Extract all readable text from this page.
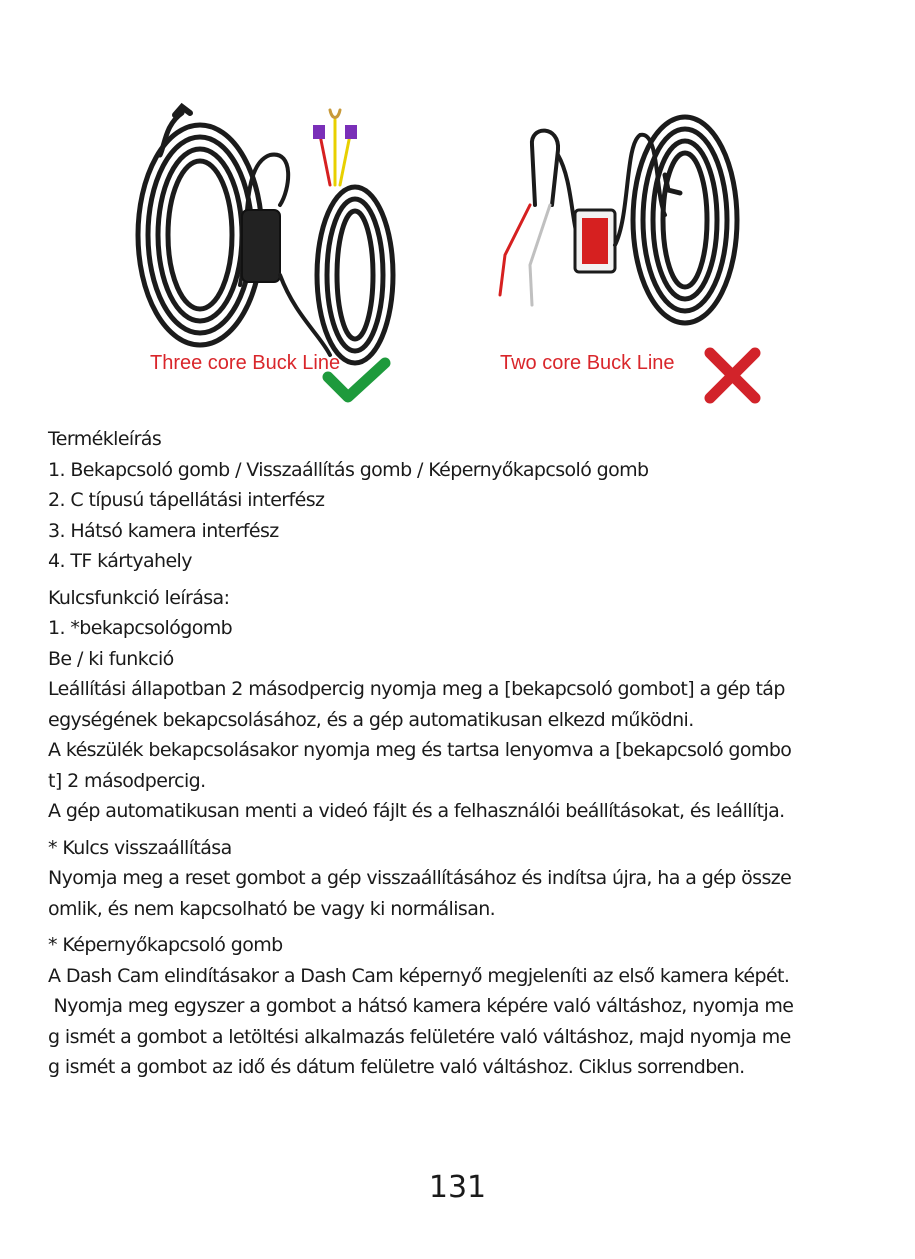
Three core Buck Line	Two core Buck Line

Termékleírás

1. Bekapcsoló gomb / Visszaállítás gomb / Képernyőkapcsoló gomb

2. C típusú tápellátási interfész

3. Hátsó kamera interfész

4. TF kártyahely

Kulcsfunkció leírása:

1. *bekapcsológomb

Be / ki funkció

Leállítási állapotban 2 másodpercig nyomja meg a [bekapcsoló gombot] a gép táp

egységének bekapcsolásához, és a gép automatikusan elkezd működni.

A készülék bekapcsolásakor nyomja meg és tartsa lenyomva a [bekapcsoló gombo

t] 2 másodpercig.

A gép automatikusan menti a videó fájlt és a felhasználói beállításokat, és leállítja.

* Kulcs visszaállítása

Nyomja meg a reset gombot a gép visszaállításához és indítsa újra, ha a gép össze

omlik, és nem kapcsolható be vagy ki normálisan.

* Képernyőkapcsoló gomb

A Dash Cam elindításakor a Dash Cam képernyő megjeleníti az első kamera képét.

Nyomja meg egyszer a gombot a hátsó kamera képére való váltáshoz, nyomja me

g ismét a gombot a letöltési alkalmazás felületére való váltáshoz, majd nyomja me

g ismét a gombot az idő és dátum felületre való váltáshoz. Ciklus sorrendben.

131
